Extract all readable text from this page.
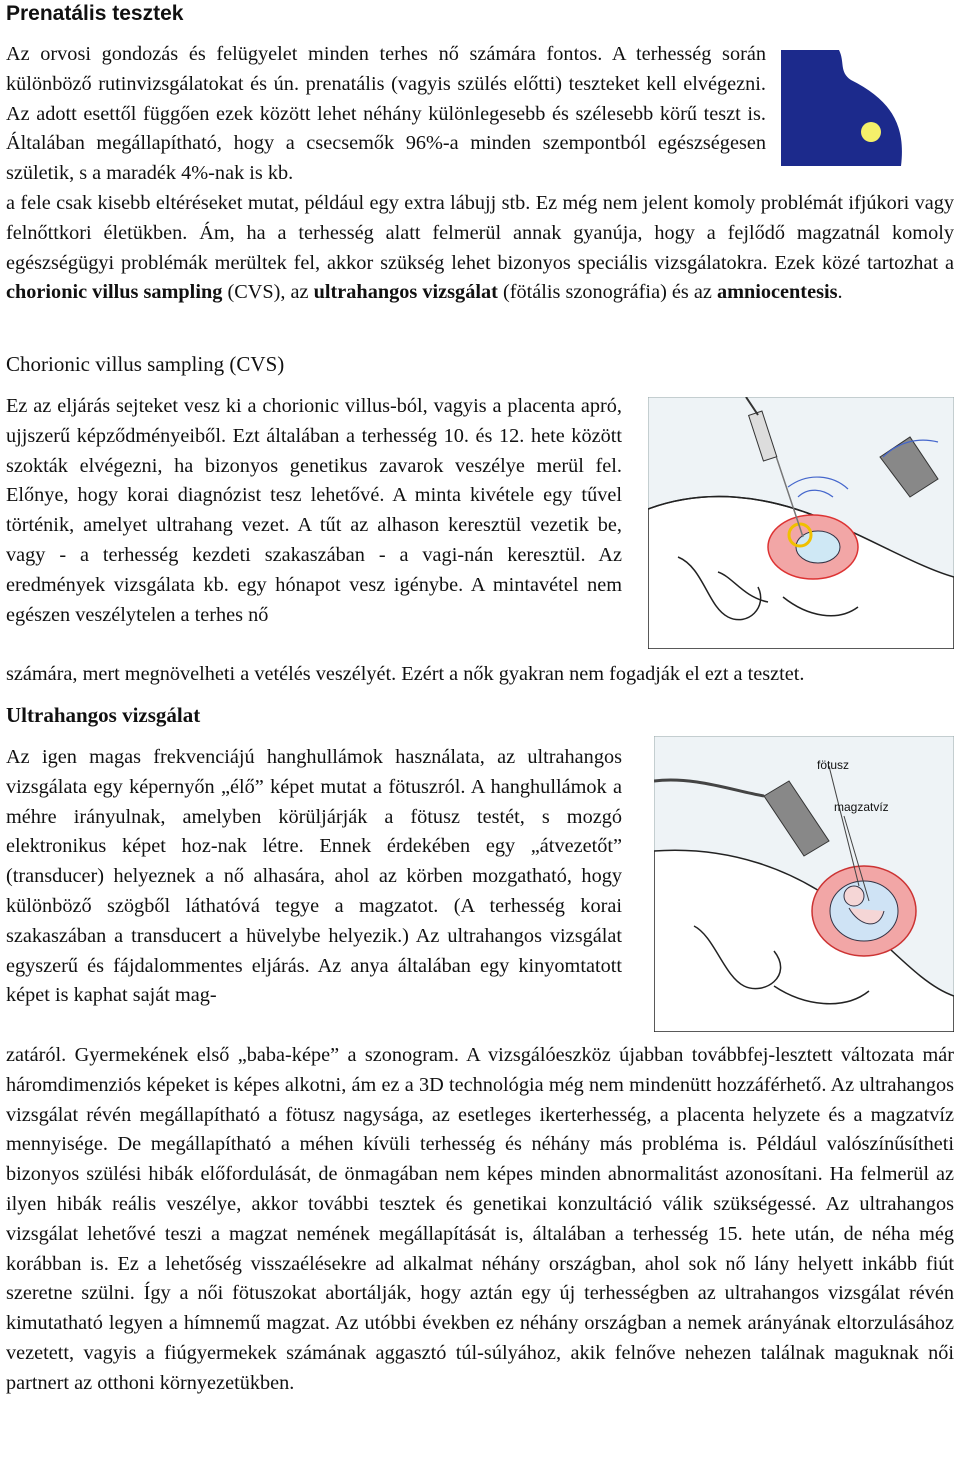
Prenatális tesztek

Az orvosi gondozás és felügyelet minden terhes nő számára fontos. A terhesség során különböző rutinvizsgálatokat és ún. prenatális (vagyis szülés előtti) teszteket kell elvégezni. Az adott esettől függően ezek között lehet néhány különlegesebb és szélesebb körű teszt is. Általában megállapítható, hogy a csecsemők 96%-a minden szempontból egészségesen születik, s a maradék 4%-nak is kb.

a fele csak kisebb eltéréseket mutat, például egy extra lábujj stb. Ez még nem jelent komoly problémát ifjúkori vagy felnőttkori életükben. Ám, ha a terhesség alatt felmerül annak gyanúja, hogy a fejlődő magzatnál komoly egészségügyi problémák merültek fel, akkor szükség lehet bizonyos speciális vizsgálatokra. Ezek közé tartozhat a chorionic villus sampling (CVS), az ultrahangos vizsgálat (fötális szonográfia) és az amniocentesis.

Chorionic villus sampling (CVS)

Ez az eljárás sejteket vesz ki a chorionic villus-ból, vagyis a placenta apró, ujjszerű képződményeiből. Ezt általában a terhesség 10. és 12. hete között szokták elvégezni, ha bizonyos genetikus zavarok veszélye merül fel. Előnye, hogy korai diagnózist tesz lehetővé. A minta kivétele egy tűvel történik, amelyet ultrahang vezet. A tűt az alhason keresztül vezetik be, vagy - a terhesség kezdeti szakaszában - a vagi-nán keresztül. Az eredmények vizsgálata kb. egy hónapot vesz igénybe. A mintavétel nem egészen veszélytelen a terhes nő

számára, mert megnövelheti a vetélés veszélyét. Ezért a nők gyakran nem fogadják el ezt a tesztet.

Ultrahangos vizsgálat
fötusz
magzatvíz

Az igen magas frekvenciájú hanghullámok használata, az ultrahangos vizsgálata egy képernyőn „élő” képet mutat a fötuszról. A hanghullámok a méhre irányulnak, amelyben körüljárják a fötusz testét, s mozgó elektronikus képet hoz-nak létre. Ennek érdekében egy „átvezetőt” (transducer) helyeznek a nő alhasára, ahol az körben mozgatható, hogy különböző szögből láthatóvá tegye a magzatot. (A terhesség korai szakaszában a transducert a hüvelybe helyezik.) Az ultrahangos vizsgálat egyszerű és fájdalommentes eljárás. Az anya általában egy kinyomtatott képet is kaphat saját mag-

zatáról. Gyermekének első „baba-képe” a szonogram. A vizsgálóeszköz újabban továbbfej-lesztett változata már háromdimenziós képeket is képes alkotni, ám ez a 3D technológia még nem mindenütt hozzáférhető. Az ultrahangos vizsgálat révén megállapítható a fötusz nagysága, az esetleges ikerterhesség, a placenta helyzete és a magzatvíz mennyisége. De megállapítható a méhen kívüli terhesség és néhány más probléma is. Például valószínűsítheti bizonyos szülési hibák előfordulását, de önmagában nem képes minden abnormalitást azonosítani. Ha felmerül az ilyen hibák reális veszélye, akkor további tesztek és genetikai konzultáció válik szükségessé. Az ultrahangos vizsgálat lehetővé teszi a magzat nemének megállapítását is, általában a terhesség 15. hete után, de néha még korábban is. Ez a lehetőség visszaélésekre ad alkalmat néhány országban, ahol sok nő lány helyett inkább fiút szeretne szülni. Így a női fötuszokat abortálják, hogy aztán egy új terhességben az ultrahangos vizsgálat révén kimutatható legyen a hímnemű magzat. Az utóbbi években ez néhány országban a nemek arányának eltorzulásához vezetett, vagyis a fiúgyermekek számának aggasztó túl-súlyához, akik felnőve nehezen találnak maguknak női partnert az otthoni környezetükben.
